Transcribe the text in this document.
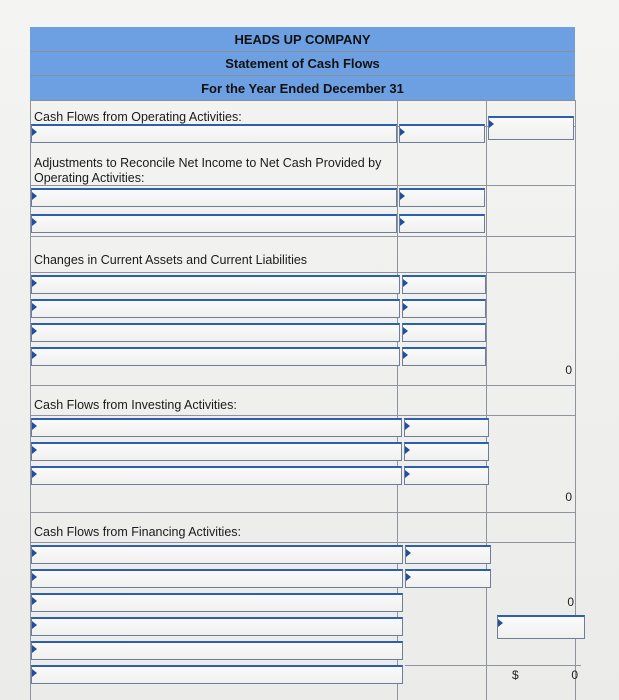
HEADS UP COMPANY
Statement of Cash Flows
For the Year Ended December 31
Cash Flows from Operating Activities:
Adjustments to Reconcile Net Income to Net Cash Provided by Operating Activities:
Changes in Current Assets and Current Liabilities
0
Cash Flows from Investing Activities:
0
Cash Flows from Financing Activities:
0
$	0
